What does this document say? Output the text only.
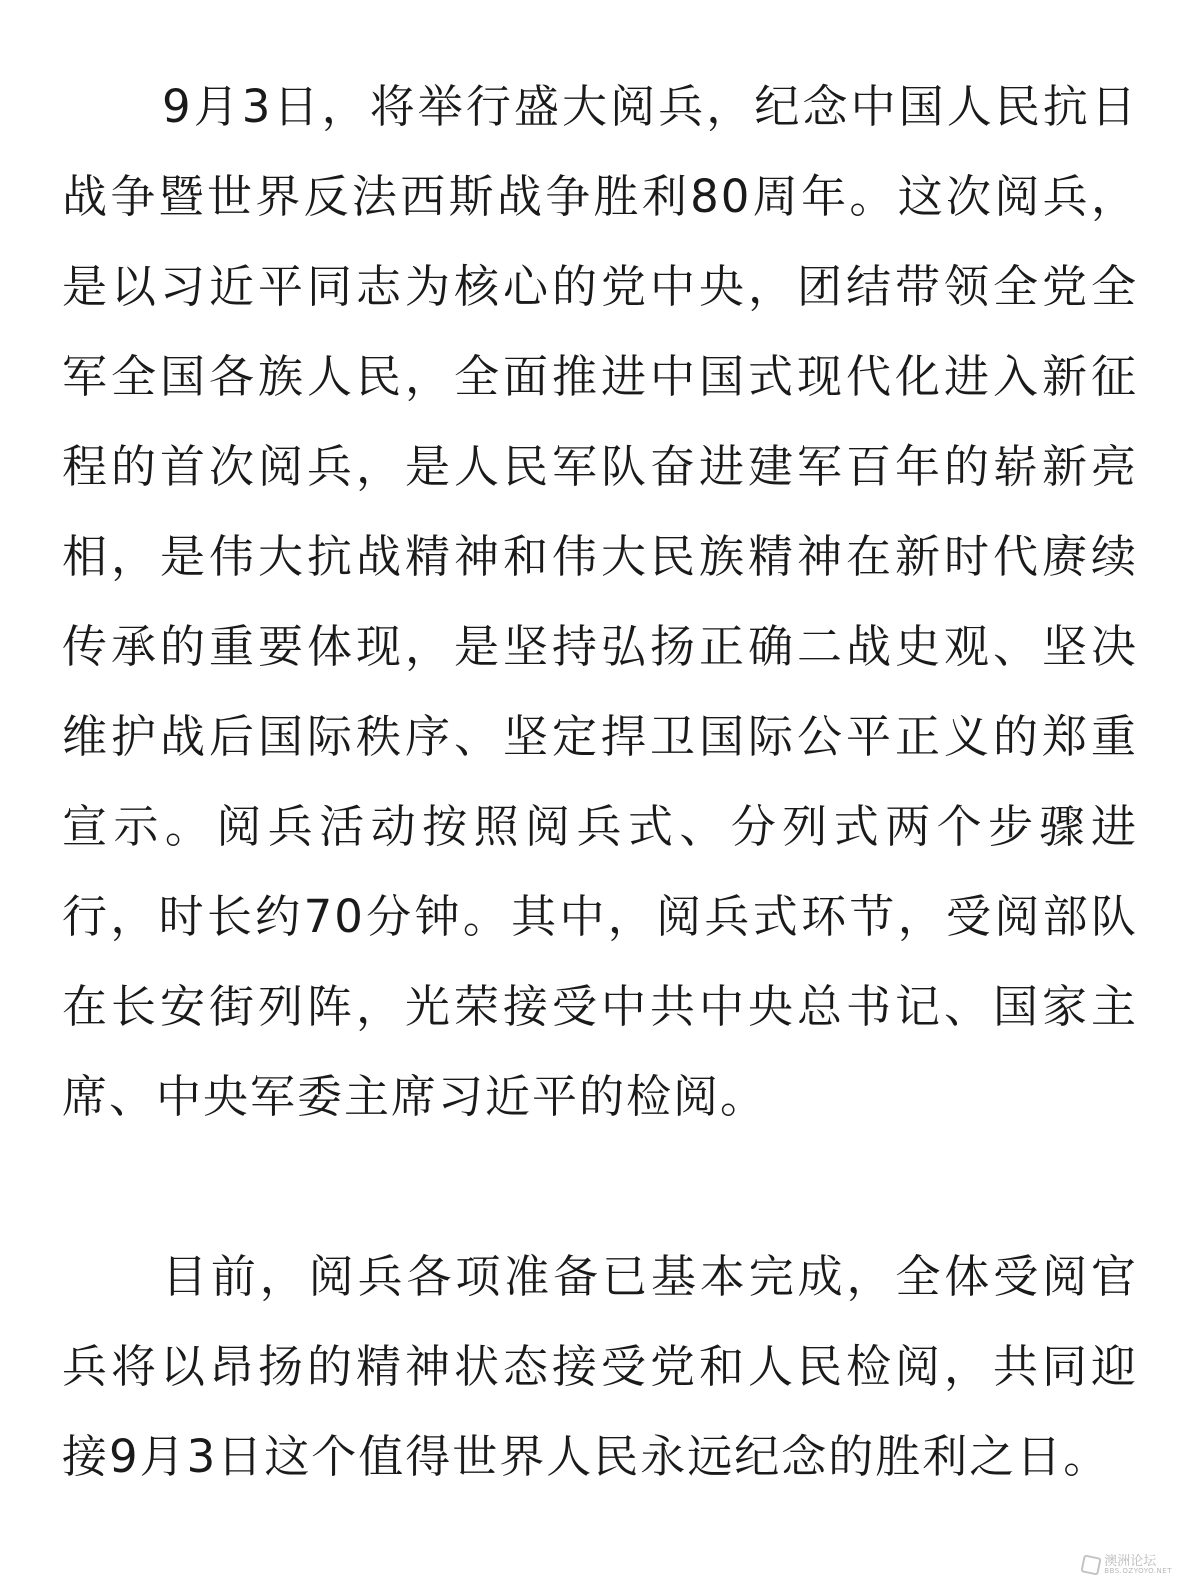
9月3日，将举行盛大阅兵，纪念中国人民抗日战争暨世界反法西斯战争胜利80周年。这次阅兵，是以习近平同志为核心的党中央，团结带领全党全军全国各族人民，全面推进中国式现代化进入新征程的首次阅兵，是人民军队奋进建军百年的崭新亮相，是伟大抗战精神和伟大民族精神在新时代赓续传承的重要体现，是坚持弘扬正确二战史观、坚决维护战后国际秩序、坚定捍卫国际公平正义的郑重宣示。阅兵活动按照阅兵式、分列式两个步骤进行，时长约70分钟。其中，阅兵式环节，受阅部队在长安街列阵，光荣接受中共中央总书记、国家主席、中央军委主席习近平的检阅。

目前，阅兵各项准备已基本完成，全体受阅官兵将以昂扬的精神状态接受党和人民检阅，共同迎接9月3日这个值得世界人民永远纪念的胜利之日。

澳洲论坛
BBS.OZYOYO.NET
